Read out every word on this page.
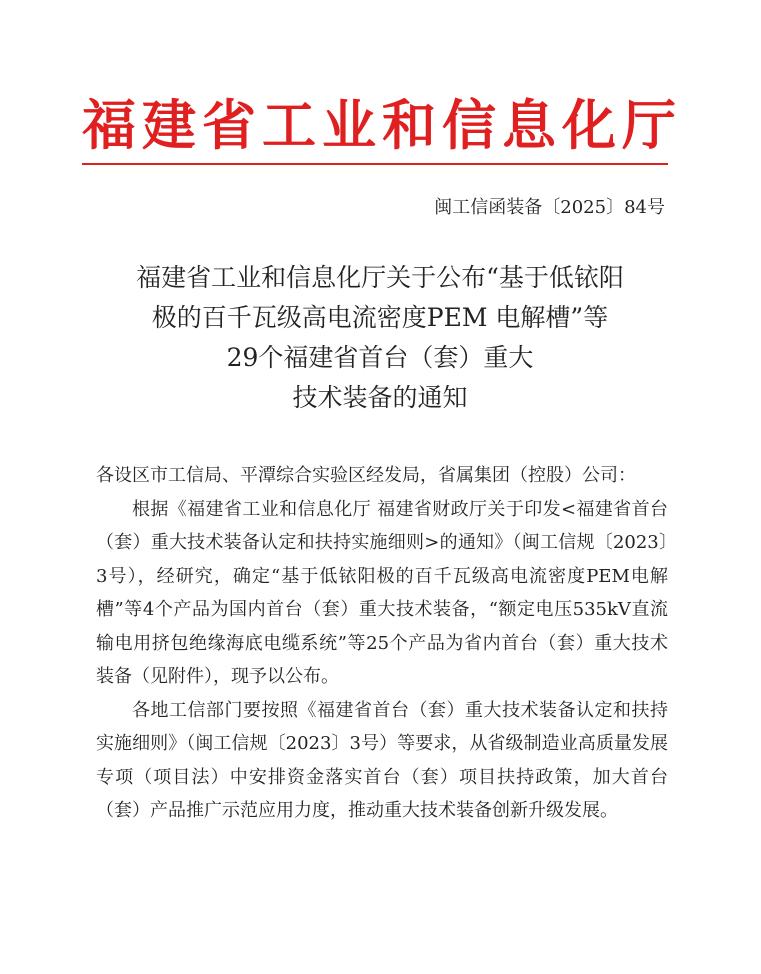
福建省工业和信息化厅
闽工信函装备〔2025〕84号
福建省工业和信息化厅关于公布“基于低铱阳
极的百千瓦级高电流密度PEM 电解槽”等
29个福建省首台（套）重大
技术装备的通知

各设区市工信局、平潭综合实验区经发局，省属集团（控股）公司：

根据《福建省工业和信息化厅 福建省财政厅关于印发<福建省首台（套）重大技术装备认定和扶持实施细则>的通知》（闽工信规〔2023〕3号），经研究，确定“基于低铱阳极的百千瓦级高电流密度PEM电解槽”等4个产品为国内首台（套）重大技术装备，“额定电压535kV直流输电用挤包绝缘海底电缆系统”等25个产品为省内首台（套）重大技术装备（见附件），现予以公布。

各地工信部门要按照《福建省首台（套）重大技术装备认定和扶持实施细则》（闽工信规〔2023〕3号）等要求，从省级制造业高质量发展专项（项目法）中安排资金落实首台（套）项目扶持政策，加大首台（套）产品推广示范应用力度，推动重大技术装备创新升级发展。
